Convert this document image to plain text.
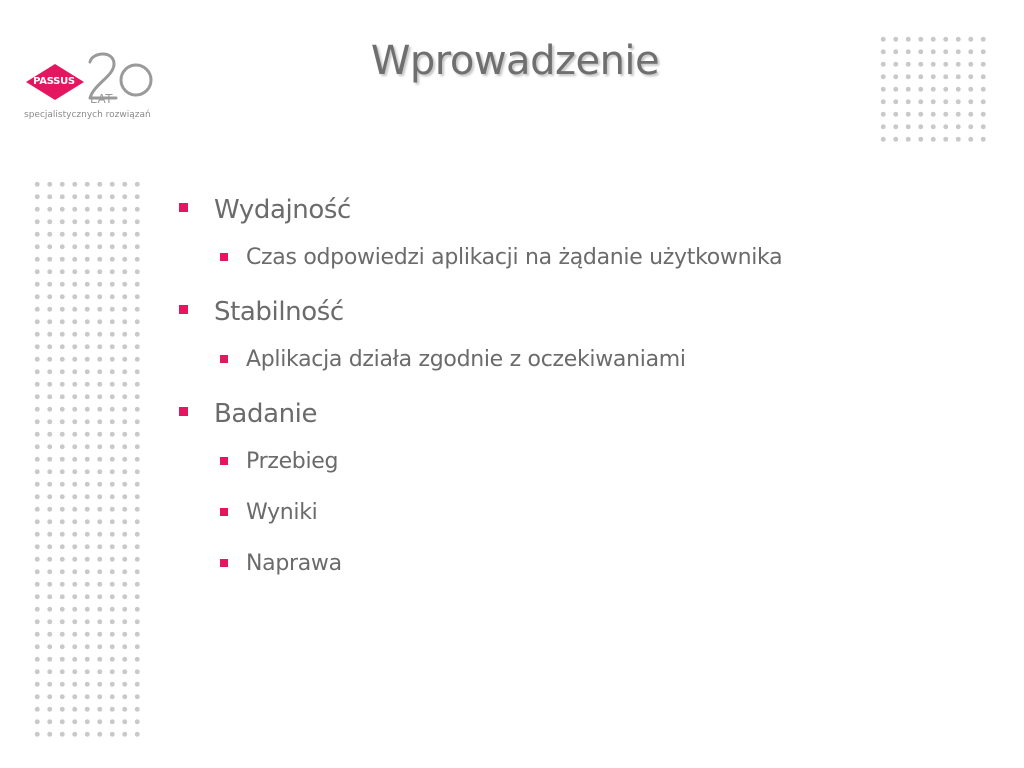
PASSUS
LAT
specjalistycznych rozwiązań
Wprowadzenie
Wydajność
Czas odpowiedzi aplikacji na żądanie użytkownika
Stabilność
Aplikacja działa zgodnie z oczekiwaniami
Badanie
Przebieg
Wyniki
Naprawa
